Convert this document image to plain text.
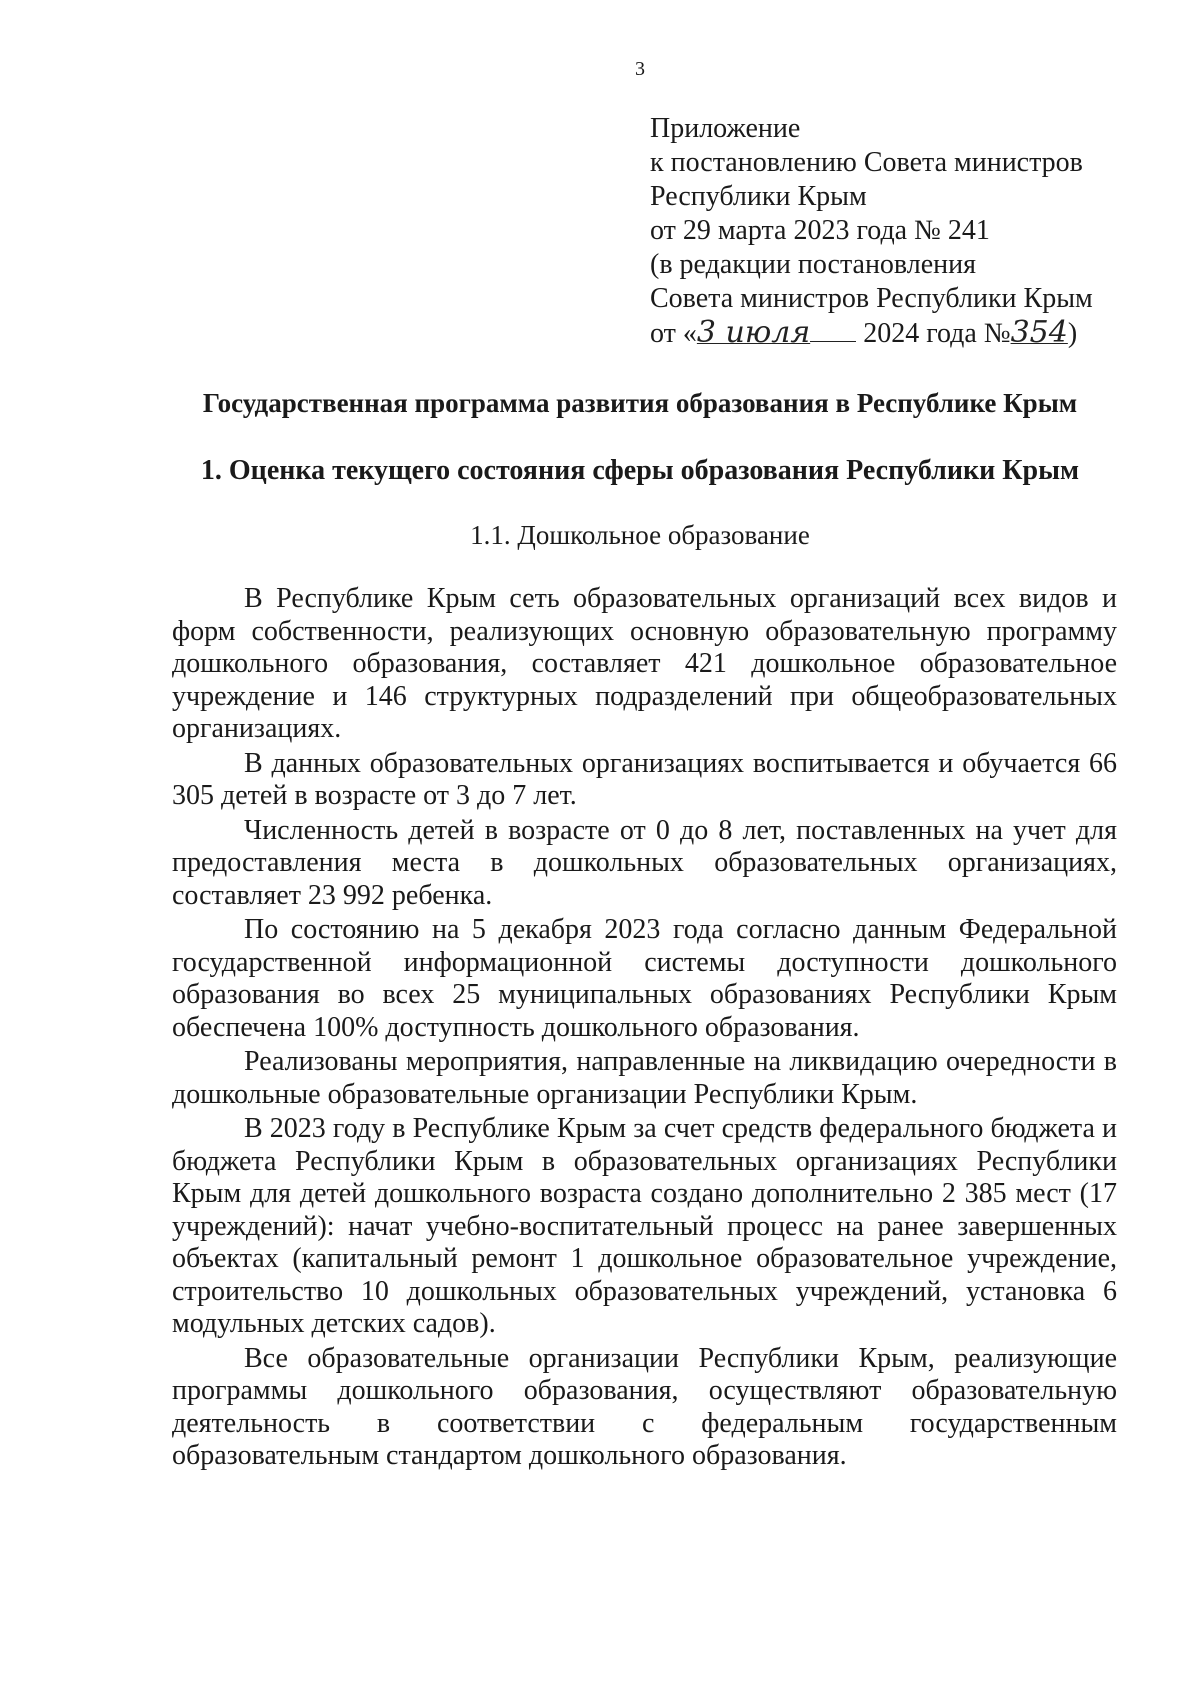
3
Приложение
к постановлению Совета министров
Республики Крым
от 29 марта 2023 года № 241
(в редакции постановления
Совета министров Республики Крым
от «3 июля 2024 года №354)
Государственная программа развития образования в Республике Крым
1. Оценка текущего состояния сферы образования Республики Крым
1.1. Дошкольное образование

В Республике Крым сеть образовательных организаций всех видов и форм собственности, реализующих основную образовательную программу дошкольного образования, составляет 421 дошкольное образовательное учреждение и 146 структурных подразделений при общеобразовательных организациях.

В данных образовательных организациях воспитывается и обучается 66 305 детей в возрасте от 3 до 7 лет.

Численность детей в возрасте от 0 до 8 лет, поставленных на учет для предоставления места в дошкольных образовательных организациях, составляет 23 992 ребенка.

По состоянию на 5 декабря 2023 года согласно данным Федеральной государственной информационной системы доступности дошкольного образования во всех 25 муниципальных образованиях Республики Крым обеспечена 100% доступность дошкольного образования.

Реализованы мероприятия, направленные на ликвидацию очередности в дошкольные образовательные организации Республики Крым.

В 2023 году в Республике Крым за счет средств федерального бюджета и бюджета Республики Крым в образовательных организациях Республики Крым для детей дошкольного возраста создано дополнительно 2 385 мест (17 учреждений): начат учебно-воспитательный процесс на ранее завершенных объектах (капитальный ремонт 1 дошкольное образовательное учреждение, строительство 10 дошкольных образовательных учреждений, установка 6 модульных детских садов).

Все образовательные организации Республики Крым, реализующие программы дошкольного образования, осуществляют образовательную деятельность в соответствии с федеральным государственным образовательным стандартом дошкольного образования.
